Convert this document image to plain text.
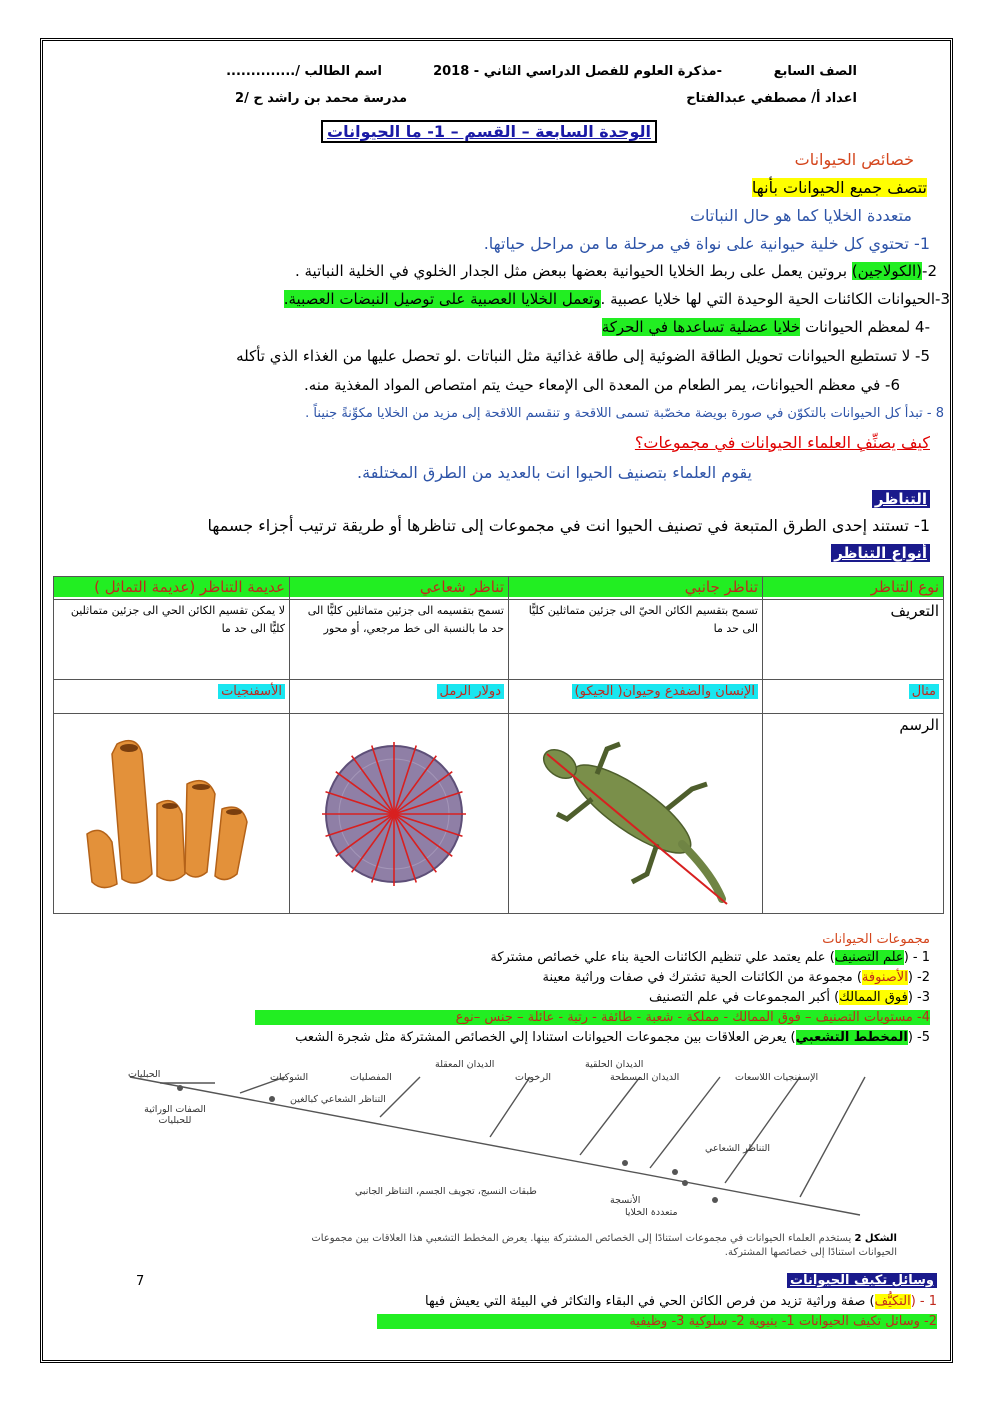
الصف السابع
-مذكرة العلوم للفصل الدراسي الثاني - 2018
اسم الطالب /..............
اعداد أ/ مصطفي عبدالفتاح
مدرسة محمد بن راشد ح /2
الوحدة السابعة – القسم – 1- ما الحيوانات
خصائص الحيوانات
تتصف جميع الحيوانات بأنها
متعددة الخلايا كما هو حال النباتات
1- تحتوي كل خلية حيوانية على نواة في مرحلة ما من مراحل حياتها.
2-(الكولاجين) بروتين يعمل على ربط الخلايا الحيوانية بعضها ببعض مثل الجدار الخلوي في الخلية النباتية .
3-الحيوانات الكائنات الحية الوحيدة التي لها خلايا عصبية .وتعمل الخلايا العصبية على توصيل النبضات العصبية.
-4 لمعظم الحيوانات خلايا عضلية تساعدها في الحركة
5- لا تستطيع الحيوانات تحويل الطاقة الضوئية إلى طاقة غذائية مثل النباتات .لو تحصل عليها من الغذاء الذي تأكله
6- في معظم الحيوانات، يمر الطعام من المعدة الى الإمعاء حيث يتم امتصاص المواد المغذية منه.
8 - تبدأ كل الحيوانات بالتكوّن في صورة بويضة مخصّبة تسمى اللاقحة و تنقسم اللاقحة إلى مزيد من الخلايا مكوِّنةً جنيناً .
كيف يصنِّفِ العلماء الحيوانات في مجموعات؟
يقوم العلماء بتصنيف الحيوا انت بالعديد من الطرق المختلفة.
التناظر
1- تستند إحدى الطرق المتبعة في تصنيف الحيوا انت في مجموعات إلى تناظرها أو طريقة ترتيب أجزاء جسمها
أنواع التناظر
نوع التناظر	تناظر جانبي	تناظر شعاعي	عديمة التناظر (عديمة التماثل )

التعريف	تسمح بتقسيم الكائن الحيّ الى جزئين متماثلين كليًّا الى حد ما	تسمح بتقسيمه الى جزئين متماثلين كليًّا الى حد ما بالنسبة الى خط مرجعي، أو محور	لا يمكن تقسيم الكائن الحي الى جزئين متماثلين كليًّا الى حد ما
مثال	الإنسان والضفدع وحيوان( الجيكو)	دولار الرمل	الأسفنجيات
الرسم			
مجموعات الحيوانات
1 - (علم التصنيف) علم يعتمد علي تنظيم الكائنات الحية بناء علي خصائص مشتركة
2- (الأصنوفة) مجموعة من الكائنات الحية تشترك في صفات وراثية معينة
3- (فوق الممالك) أكبر المجموعات في علم التصنيف
4- مستويات التصنيف – فوق الممالك - مملكة - شعبة - طائفة - رتبة - عائلة – جنس –نوع
5- (المخطط التشعبي) يعرض العلاقات بين مجموعات الحيوانات استنادا إلي الخصائص المشتركة مثل شجرة الشعب
الحبليات	الشوكيات	المفصليات
الديدان المعقلة
الرخويات
الديدان الحلقية
الديدان المسطحة	الإسفنجيات اللاسعات
الصفات الوراثية للحبليات
التناظر الشعاعي كبالغين
التناظر الشعاعي
طبقات النسيج، تجويف الجسم، التناظر الجانبي
الأنسجة
متعددة الخلايا
الشكل 2 يستخدم العلماء الحيوانات في مجموعات استنادًا إلى الخصائص المشتركة بينها. يعرض المخطط التشعبي هذا العلاقات بين مجموعات الحيوانات استنادًا إلى خصائصها المشتركة.
7	وسائل تكيف الحيوانات
1 - (التكيُّف) صفة وراثية تزيد من فرص الكائن الحي في البقاء والتكاثر في البيئة التي يعيش فيها
2- وسائل تكيف الحيوانات 1- بنيوية 2- سلوكية 3- وظيفية
